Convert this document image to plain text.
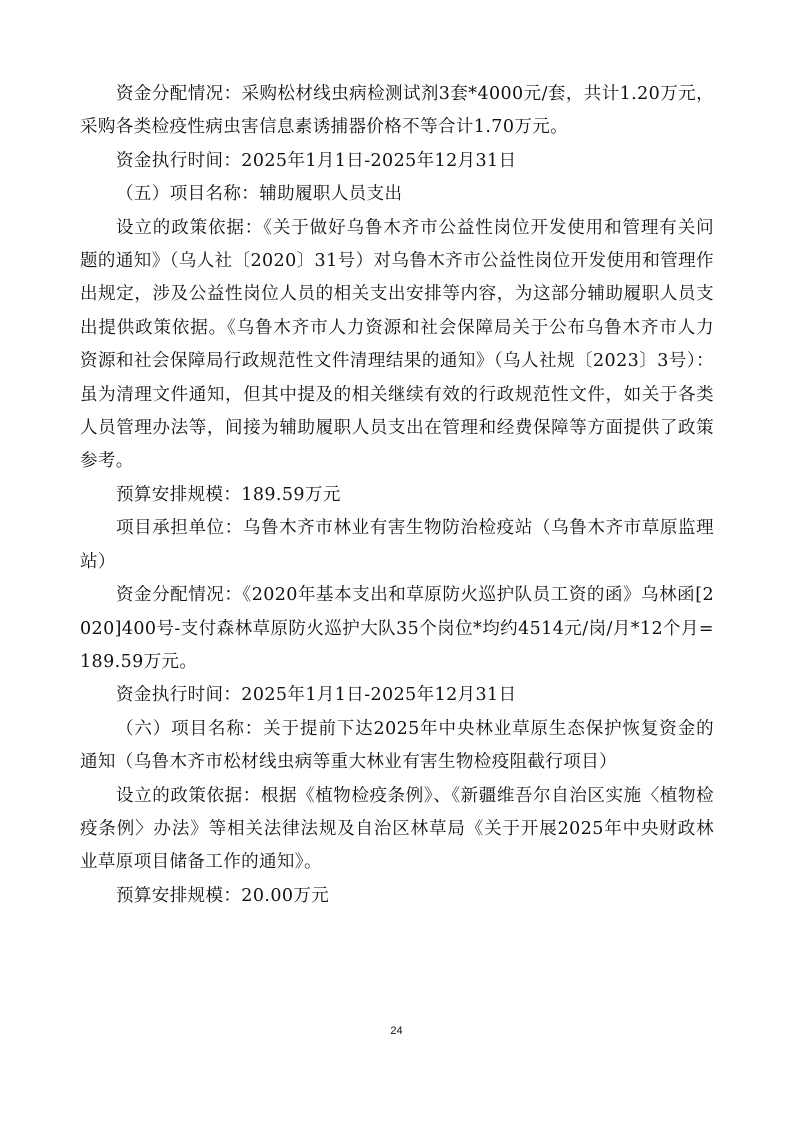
资金分配情况：采购松材线虫病检测试剂3套*4000元/套，共计1.20万元，采购各类检疫性病虫害信息素诱捕器价格不等合计1.70万元。

资金执行时间：2025年1月1日-2025年12月31日

（五）项目名称：辅助履职人员支出

设立的政策依据：《关于做好乌鲁木齐市公益性岗位开发使用和管理有关问题的通知》（乌人社〔2020〕31号）对乌鲁木齐市公益性岗位开发使用和管理作出规定，涉及公益性岗位人员的相关支出安排等内容，为这部分辅助履职人员支出提供政策依据。《乌鲁木齐市人力资源和社会保障局关于公布乌鲁木齐市人力资源和社会保障局行政规范性文件清理结果的通知》（乌人社规〔2023〕3号）：虽为清理文件通知，但其中提及的相关继续有效的行政规范性文件，如关于各类人员管理办法等，间接为辅助履职人员支出在管理和经费保障等方面提供了政策参考。

预算安排规模：189.59万元

项目承担单位：乌鲁木齐市林业有害生物防治检疫站（乌鲁木齐市草原监理站）

资金分配情况：《2020年基本支出和草原防火巡护队员工资的函》乌林函[2020]400号-支付森林草原防火巡护大队35个岗位*均约4514元/岗/月*12个月=189.59万元。

资金执行时间：2025年1月1日-2025年12月31日

（六）项目名称：关于提前下达2025年中央林业草原生态保护恢复资金的通知（乌鲁木齐市松材线虫病等重大林业有害生物检疫阻截行项目）

设立的政策依据：根据《植物检疫条例》、《新疆维吾尔自治区实施〈植物检疫条例〉办法》等相关法律法规及自治区林草局《关于开展2025年中央财政林业草原项目储备工作的通知》。

预算安排规模：20.00万元

24
